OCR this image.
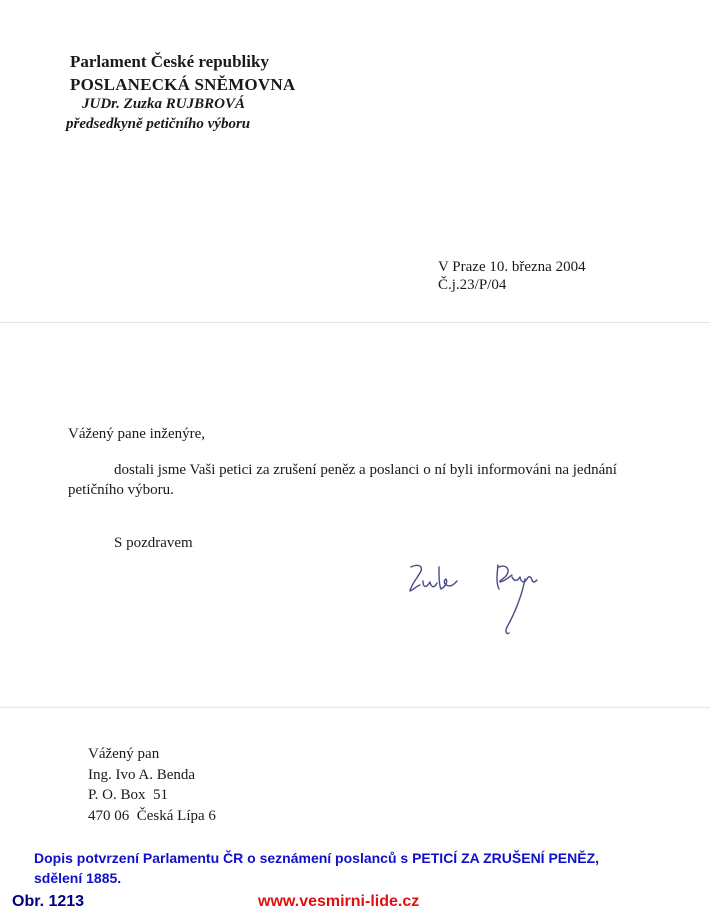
Parlament České republiky
POSLANECKÁ SNĚMOVNA
JUDr. Zuzka RUJBROVÁ
předsedkyně petičního výboru
V Praze 10. března 2004
Č.j.23/P/04
Vážený pane inženýre,
dostali jsme Vaši petici za zrušení peněz a poslanci o ní byli informováni na jednání
petičního výboru.
S pozdravem
Vážený pan
Ing. Ivo A. Benda
P. O. Box  51
470 06  Česká Lípa 6
Dopis potvrzení Parlamentu ČR o seznámení poslanců s PETICÍ ZA ZRUŠENÍ PENĚZ,
sdělení 1885.
Obr. 1213	www.vesmirni-lide.cz
